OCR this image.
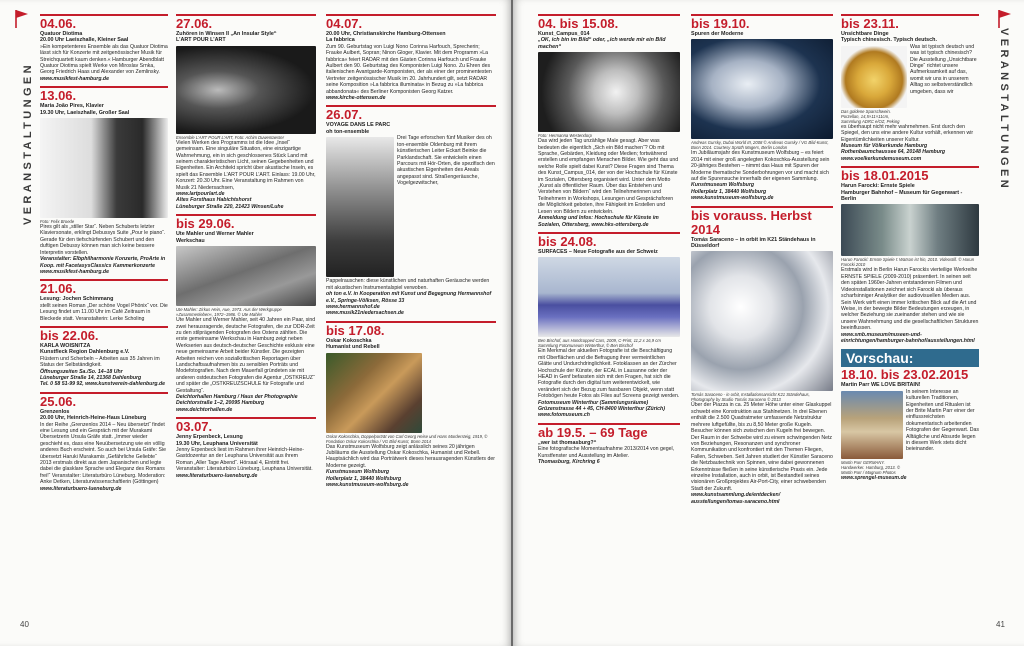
VERANSTALTUNGEN
40
04.06.
Quatuor Diotima
20.00 Uhr Laeiszhalle, Kleiner Saal

»Ein kompetenteres Ensemble als das Quatuor Diotima lässt sich für Konzerte mit zeitgenössischer Musik für Streichquartett kaum denken.« Hamburger Abendblatt Quatuor Diotima spielt Werke von Miroslav Srnka, Georg Friedrich Haas und Alexander von Zemlinsky.

www.musikfest-hamburg.de

13.06.
Maria João Pires, Klavier
19.30 Uhr, Laeiszhalle, Großer Saal
Foto: Felix Broede

Pires gilt als „stiller Star“. Neben Schuberts letzter Klaviersonate, erklingt Debussys Suite „Pour le piano“. Gerade für den tiefschürfenden Schubert und den duftigen Debussy können man sich keine bessere Interpretin vorstellen.

Veranstalter: Elbphilharmonie Konzerte, ProArte in Koop. mit FacetasysClassics Kammerkonzerte

www.musikfest-hamburg.de

21.06.
Lesung: Jochen Schimmang

stellt seinen Roman „Der schöne Vogel Phönix“ vor. Die Lesung findet um 11.00 Uhr im Café Zeitraum in Bleckede statt. Veranstalterin: Lerke Scholing

bis 22.06.
KARLA WOISNITZA
Kunstfleck Region Dahlenburg e.V.

Flüstern und Scherbeln – Arbeiten aus 35 Jahren im Status der Selbständigkeit.

Öffnungszeiten Sa./So. 14–18 Uhr

Lüneburger Straße 14, 21368 Dahlenburg

Tel. 0 58 51-99 92, www.kunstverein-dahlenburg.de

25.06.
Grenzenlos
20.00 Uhr, Heinrich-Heine-Haus Lüneburg

In der Reihe „Grenzenlos 2014 – Neu übersetzt“ findet eine Lesung und ein Gespräch mit der Murakami Übersetzerin Ursula Gräfe statt. „Immer wieder geschieht es, dass eine Neuübersetzung wie ein völlig anderes Buch erscheint. So auch bei Ursula Gräfe: Sie übersetzt Haruki Murakamis „Gefährliche Geliebte“ 2013 erstmals direkt aus dem Japanischen und legte dabei die glasklare Sprache und Eleganz des Romans frei!“ Veranstalter: Literaturbüro Lüneburg. Moderation: Anke Detken, Literaturwissenschaftlerin (Göttingen)

www.literaturbuero-lueneburg.de

27.06.
Zuhören in Winsen II „An Insular Style“
L’ART POUR L’ART
Ensemble L’ART POUR L’ART, Foto: Achim Duwentaester

Vielen Werken des Programms ist die Idee „Insel“ gemeinsam. Eine singuläre Situation, eine einzigartige Wahrnehmung, ein in sich geschlossenes Stück Land mit seinem charakteristischen Licht, seinen Gegebenheiten und Eigenheiten. Ein Architekt spricht über akustische Inseln, es spielt das Ensemble L’ART POUR L’ART. Einlass: 19.00 Uhr, Konzert: 20.30 Uhr. Eine Veranstaltung im Rahmen von Musik 21 Niedersachsen,

www.lartpourlart.de

Altes Forsthaus Habichtshorst

Lüneburger Straße 220, 21423 Winsen/Luhe

bis 29.06.
Ute Mahler und Werner Mahler
Werkschau
Ute Mahler: Zirkus Hein, Aue, 1973. Aus der Werkgruppe »Zusammenleben«, 1972–1986. © Ute Mahler

Ute Mahler und Werner Mahler, seit 40 Jahren ein Paar, sind zwei herausragende, deutsche Fotografen, die zur DDR-Zeit zu den stilprägenden Fotografen des Ostens zählten. Die erste gemeinsame Werkschau in Hamburg zeigt neben Werkserien aus deutsch-deutscher Geschichte exklusiv eine neue gemeinsame Arbeit beider Künstler. Die gezeigten Arbeiten reichen von sozialkritischen Reportagen über Landschaftsaufnahmen bis zu sensiblen Porträts und Modefotografien. Nach dem Mauerfall gründeten sie mit anderen ostdeutschen Fotografen die Agentur „OSTKREUZ“ und später die „OSTKREUZSCHULE für Fotografie und Gestaltung“.

Deichtorhallen Hamburg / Haus der Photographie

Deichtorstraße 1–2, 20095 Hamburg

www.deichtorhallen.de

03.07.
Jenny Erpenbeck, Lesung
19.30 Uhr, Leuphana Universität

Jenny Erpenbeck liest im Rahmen ihrer Heinrich-Heine-Gastdozentur an der Leuphana Universität aus ihrem Roman „Aller Tage Abend“. Hörsaal 4, Eintritt frei. Veranstalter: Literaturbüro Lüneburg, Leuphana Universität.

www.literaturbuero-lueneburg.de

04.07.
20.00 Uhr, Christianskirche Hamburg-Ottensen
La fabbrica

Zum 90. Geburtstag von Luigi Nono Corinna Harfouch, Sprecherin; Frauke Aulbert, Sopran; Ninon Gloger, Klavier. Mit dem Programm »La fabbrica« feiert RADAR mit den Gästen Corinna Harfouch und Frauke Aulbert den 90. Geburtstag des Komponisten Luigi Nono. Zu Ehren des italienischen Avantgarde-Komponisten, der als einer der prominentesten Vertreter zeitgenössischer Musik im 20. Jahrhundert gilt, setzt RADAR seine Komposition »La fabbrica illuminata« in Bezug zu »La fabbrica abbandonata« des Berliner Komponisten Georg Katzer.

www.kirche-ottensen.de

26.07.
VOYAGE DANS LE PARC
oh ton-ensemble

Drei Tage erforschen fünf Musiker des oh ton-ensemble Oldenburg mit ihrem künstlerischen Leiter Eckart Beinke die Parklandschaft. Sie entwickeln einen Parcours mit Hör-Orten, die spezifisch den akustischen Eigenheiten des Areals angepasst sind. Straßengeräusche, Vogelgezwitscher,

Pappelrauschen: diese künstlichen und naturhaften Geräusche werden mit akustischen Instrumentalspiel verwoben.

oh ton e.V. in Kooperation mit Kunst und Begegnung Hermannshof e.V., Springe-Völksen, Rösse 33

www.hermannshof.de

www.musik21niedersachsen.de

bis 17.08.
Oskar Kokoschka
Humanist und Rebell
Oskar Kokoschka, Doppelporträt von Carl Georg Heise und Hans Mardersteig, 1919, © Fondation Oskar Kokoschka / VG Bild-Kunst, Bonn 2014

Das Kunstmuseum Wolfsburg zeigt anlässlich seines 20 jährigen Jubiläums die Ausstellung Oskar Kokoschka, Humanist und Rebell. Hauptsächlich wird das Porträtwerk dieses herausragenden Künstlers der Moderne gezeigt.

Kunstmuseum Wolfsburg

Hollerplatz 1, 38440 Wolfsburg

www.kunstmuseum-wolfsburg.de

VERANSTALTUNGEN
41
04. bis 15.08.
Kunst_Campus_014
„OK, ich bin im Bild“ oder, „ich werde mir ein Bild machen“
Foto: Hermanna Westendorp

Das wird jeden Tag unzählige Male gesagt. Aber was bedeuten die eigentlich „Sich ein Bild machen“? Ob mit Sprache, Gebärden, Kleidung oder Medien; fortwährend erstellen und empfangen Menschen Bilder. Wie geht das und welche Rolle spielt dabei Kunst? Diese Fragen sind Thema des Kunst_Campus_014, der von der Hochschule für Künste im Sozialen, Ottersberg organisiert wird. Unter dem Motto „Kunst als öffentlicher Raum. Über das Entstehen und Verstehen von Bildern“ wird den Teilnehmerinnen und Teilnehmern in Workshops, Lesungen und Gesprächsforen die Möglichkeit geboten, ihre Fähigkeit im Erstellen und Lesen von Bildern zu entwickeln.

Anmeldung und Infos: Hochschule für Künste im Sozialen, Ottersberg, www.hks-ottersberg.de

bis 24.08.
SURFACES – Neue Fotografie aus der Schweiz
Ben Bischof, aus Handcopped Cars, 2009, C-Print, 11,2 x 16,9 cm Sammlung Fotomuseum Winterthur, © Ben Bischof

Ein Merkmal der aktuellen Fotografie ist die Beschäftigung mit Oberflächen und die Befragung ihrer vermeintlichen Glätte und Undurchdringlichkeit. Fotoklassen an der Zürcher Hochschule der Künste, der ECAL in Lausanne oder der HEAD in Genf befassten sich mit den Fragen, hat sich die Fotografie durch den digital turn weiterentwickelt, wie verändert sich der Bezug zum fassbaren Objekt, wenn statt Fotobögen heute Fotos als Files auf Screens gezeigt werden.

Fotomuseum Winterthur (Sammlungsräume) Grüzenstrasse 44 + 45, CH-8400 Winterthur (Zürich)

www.fotomuseum.ch

ab 19.5. – 69 Tage
„wer ist thomasburg?“

Eine fotografische Momentaufnahme 2013/2014 von gegel, Kunstfenster und Ausstellung im Atelier.

Thomasburg, Kirchring 6

bis 19.10.
Spuren der Moderne
Andreas Gursky, Dubai World III, 2008 © Andreas Gursky / VG Bild-Kunst, Bonn 2014. Courtesy Sprüth Magers, Berlin London

Im Jubiläumsjahr des Kunstmuseum Wolfsburg – es feiert 2014 mit einer groß angelegten Kokoschka-Ausstellung sein 20-jähriges Bestehen – nimmt das Haus mit Spuren der Moderne thematische Sonderbohrungen vor und macht sich auf die Spurensuche innerhalb der eigenen Sammlung.

Kunstmuseum Wolfsburg

Hollerplatz 1, 38440 Wolfsburg

www.kunstmuseum-wolfsburg.de

bis vorauss. Herbst 2014
Tomás Saraceno – in orbit im K21 Ständehaus in Düsseldorf
Tomás Saraceno - in orbit, Installationsansicht K21 Ständehaus, Photography by Studio Tomás Saraceno © 2013

Über der Piazza in ca. 25 Meter Höhe unter einer Glaskuppel schwebt eine Konstruktion aus Stahlnetzen. In drei Ebenen enthält die 2.500 Quadratmeter umfassende Netzstruktur mehrere luftgefüllte, bis zu 8,50 Meter große Kugeln. Besucher können sich zwischen den Kugeln frei bewegen. Der Raum in der Schwebe wird zu einem schwingenden Netz von Beziehungen, Resonanzen und synchroner Kommunikation und konfrontiert mit den Themen Fliegen, Fallen, Schweben. Seit Jahren studiert der Künstler Saraceno die Netzbautechnik von Spinnen, wine dabei gewonnenen Erkenntnisse fließen in seine künstlerische Praxis ein. Jede einzelne Installation, auch in orbit, ist Bestandteil seines visionären Großprojektes Air-Port-City, einer schwebenden Stadt der Zukunft.

www.kunstsammlung.de/entdecken/

ausstellungen/tomas-saraceno.html

bis 23.11.
Unsichtbare Dinge
Typisch chinesisch. Typisch deutsch.
Das goldene Sparschwein. Porzellan, 14,5×11×11cm, Sammlung ADRC e/OZ, Peking

Was ist typisch deutsch und was ist typisch chinesisch? Die Ausstellung „Unsichtbare Dinge“ richtet unsere Aufmerksamkeit auf das, womit wir uns in unserem Alltag so selbstverständlich umgeben, dass wir

es überhaupt nicht mehr wahrnehmen. Erst durch den Spiegel, den uns eine andere Kultur vorhält, erkennen wir Eigentümlichkeiten unserer Kultur.

Museum für Völkerkunde Hamburg

Rothenbaumchaussee 64, 20148 Hamburg

www.voelkerkundemuseum.com

bis 18.01.2015
Harun Farocki: Ernste Spiele
Hamburger Bahnhof – Museum für Gegenwart - Berlin
Harun Farocki: Ernste Spiele I: Watson ist hin, 2010. Videostill. © Harun Farocki 2010

Erstmals wird in Berlin Harun Farockis vierteilige Werkreihe ERNSTE SPIELE (2009-2010) präsentiert. In seinen seit den späten 1960er-Jahren entstandenen Filmen und Videoinstallationen zeichnet sich Farocki als überaus scharfsinniger Analytiker der audiovisuellen Medien aus. Sein Werk wirft einen immer kritischen Blick auf die Art und Weise, in der bewegte Bilder Bedeutungen erzeugen, in welcher Beziehung sie zueinander stehen und wie sie unsere Wahrnehmung und die gesellschaftlichen Strukturen beeinflussen.

www.smb.museum/museen-und-einrichtungen/hamburger-bahnhof/ausstellungen.html

Vorschau:
18.10. bis 23.02.2015
Martin Parr WE LOVE BRITAIN!
Martin Parr GERMANY. Handwerker. Hamburg, 2013. © Martin Parr / Magnum Photos

In seinem Interesse an kulturellen Traditionen, Eigenheiten und Ritualen ist der Brite Martin Parr einer der einflussreichsten dokumentarisch arbeitenden Fotografen der Gegenwart. Das Alltägliche und Absurde liegen in diesem Werk stets dicht beieinander.

www.sprengel-museum.de
